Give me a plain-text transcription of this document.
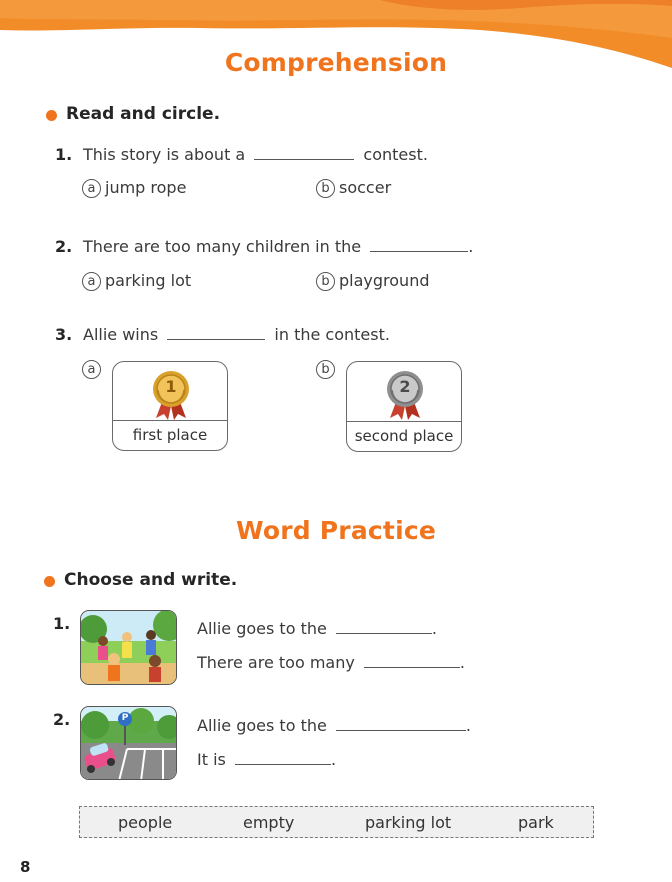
Comprehension
Read and circle.
1. This story is about a	contest.
a jump rope	b soccer
2. There are too many children in the	.
a parking lot	b playground
3. Allie wins	in the contest.
a
1
first place
b
2
second place
Word Practice
Choose and write.
1.	Allie goes to the	.
There are too many	.
2.	P	Allie goes to the	.
It is	.
people	empty	parking lot	park
8
